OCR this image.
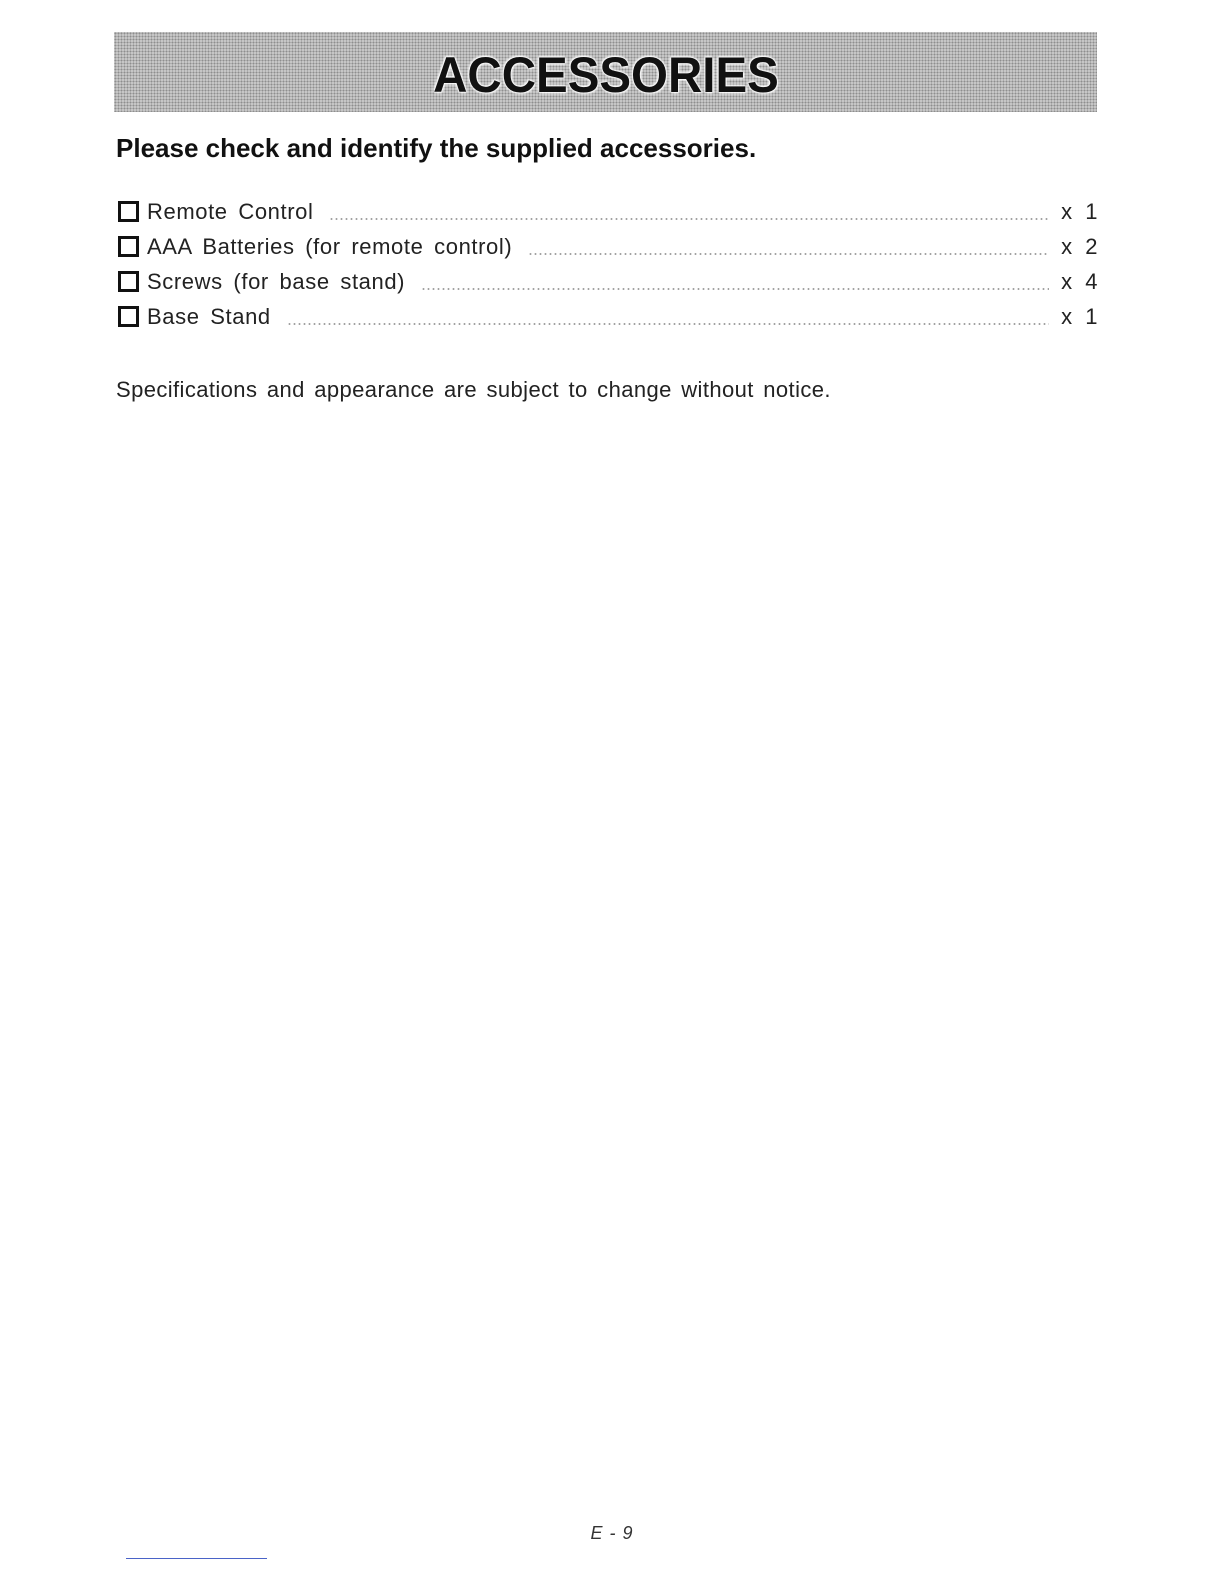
ACCESSORIES
Please check and identify the supplied accessories.
Remote Control	x 1
AAA Batteries (for remote control)	x 2
Screws (for base stand)	x 4
Base Stand	x 1
Specifications and appearance are subject to change without notice.
E - 9
